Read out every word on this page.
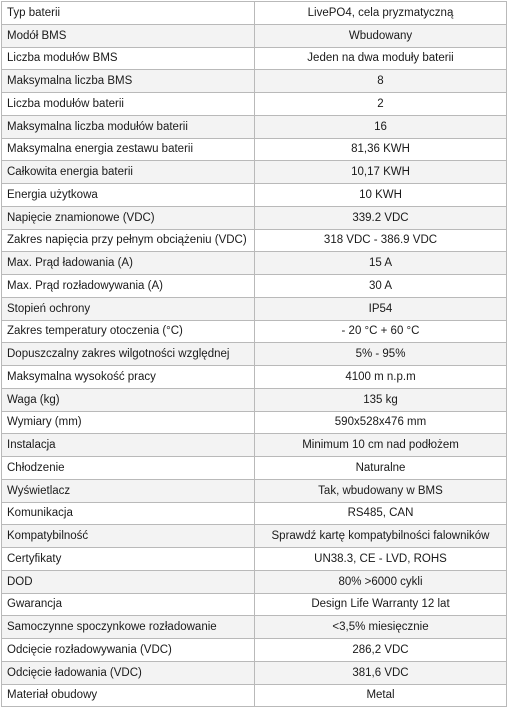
Typ baterii	LivePO4, cela pryzmatyczną
Modół BMS	Wbudowany
Liczba modułów BMS	Jeden na dwa moduły baterii
Maksymalna liczba BMS	8
Liczba modułów baterii	2
Maksymalna liczba modułów baterii	16
Maksymalna energia zestawu baterii	81,36 KWH
Całkowita energia baterii	10,17 KWH
Energia użytkowa	10 KWH
Napięcie znamionowe (VDC)	339.2 VDC
Zakres napięcia przy pełnym obciążeniu (VDC)	318 VDC - 386.9 VDC
Max. Prąd ładowania (A)	15 A
Max. Prąd rozładowywania (A)	30 A
Stopień ochrony	IP54
Zakres temperatury otoczenia (°C)	- 20 °C + 60 °C
Dopuszczalny zakres wilgotności względnej	5% - 95%
Maksymalna wysokość pracy	4100 m n.p.m
Waga (kg)	135 kg
Wymiary (mm)	590x528x476 mm
Instalacja	Minimum 10 cm nad podłożem
Chłodzenie	Naturalne
Wyświetlacz	Tak, wbudowany w BMS
Komunikacja	RS485, CAN
Kompatybilność	Sprawdź kartę kompatybilności falowników
Certyfikaty	UN38.3, CE - LVD, ROHS
DOD	80% >6000 cykli
Gwarancja	Design Life Warranty 12 lat
Samoczynne spoczynkowe rozładowanie	<3,5% miesięcznie
Odcięcie rozładowywania (VDC)	286,2 VDC
Odcięcie ładowania (VDC)	381,6 VDC
Materiał obudowy	Metal
